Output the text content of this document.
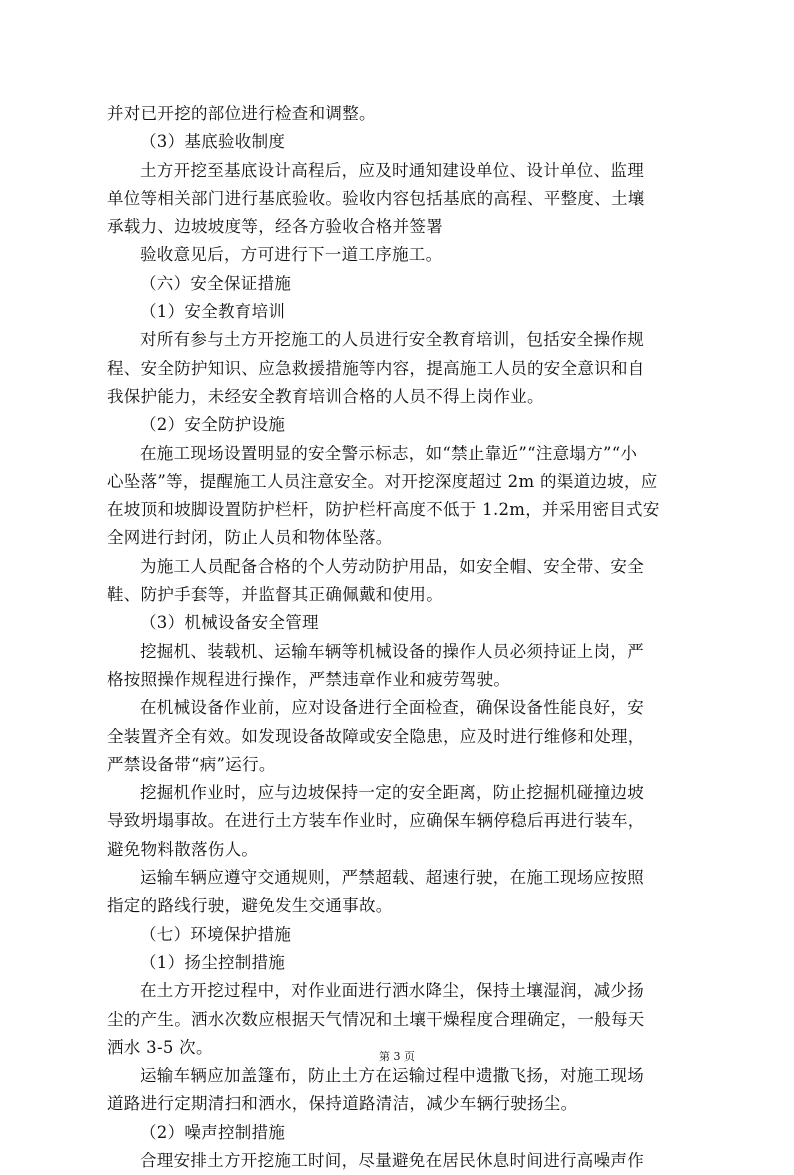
并对已开挖的部位进行检查和调整。
（3）基底验收制度
土方开挖至基底设计高程后，应及时通知建设单位、设计单位、监理
单位等相关部门进行基底验收。验收内容包括基底的高程、平整度、土壤
承载力、边坡坡度等，经各方验收合格并签署
验收意见后，方可进行下一道工序施工。
（六）安全保证措施
（1）安全教育培训
对所有参与土方开挖施工的人员进行安全教育培训，包括安全操作规
程、安全防护知识、应急救援措施等内容，提高施工人员的安全意识和自
我保护能力，未经安全教育培训合格的人员不得上岗作业。
（2）安全防护设施
在施工现场设置明显的安全警示标志，如“禁止靠近”“注意塌方”“小
心坠落”等，提醒施工人员注意安全。对开挖深度超过 2m 的渠道边坡，应
在坡顶和坡脚设置防护栏杆，防护栏杆高度不低于 1.2m，并采用密目式安
全网进行封闭，防止人员和物体坠落。
为施工人员配备合格的个人劳动防护用品，如安全帽、安全带、安全
鞋、防护手套等，并监督其正确佩戴和使用。
（3）机械设备安全管理
挖掘机、装载机、运输车辆等机械设备的操作人员必须持证上岗，严
格按照操作规程进行操作，严禁违章作业和疲劳驾驶。
在机械设备作业前，应对设备进行全面检查，确保设备性能良好，安
全装置齐全有效。如发现设备故障或安全隐患，应及时进行维修和处理，
严禁设备带“病”运行。
挖掘机作业时，应与边坡保持一定的安全距离，防止挖掘机碰撞边坡
导致坍塌事故。在进行土方装车作业时，应确保车辆停稳后再进行装车，
避免物料散落伤人。
运输车辆应遵守交通规则，严禁超载、超速行驶，在施工现场应按照
指定的路线行驶，避免发生交通事故。
（七）环境保护措施
（1）扬尘控制措施
在土方开挖过程中，对作业面进行洒水降尘，保持土壤湿润，减少扬
尘的产生。洒水次数应根据天气情况和土壤干燥程度合理确定，一般每天
洒水 3-5 次。
运输车辆应加盖篷布，防止土方在运输过程中遗撒飞扬，对施工现场
道路进行定期清扫和洒水，保持道路清洁，减少车辆行驶扬尘。
（2）噪声控制措施
合理安排土方开挖施工时间，尽量避免在居民休息时间进行高噪声作
第 3 页
